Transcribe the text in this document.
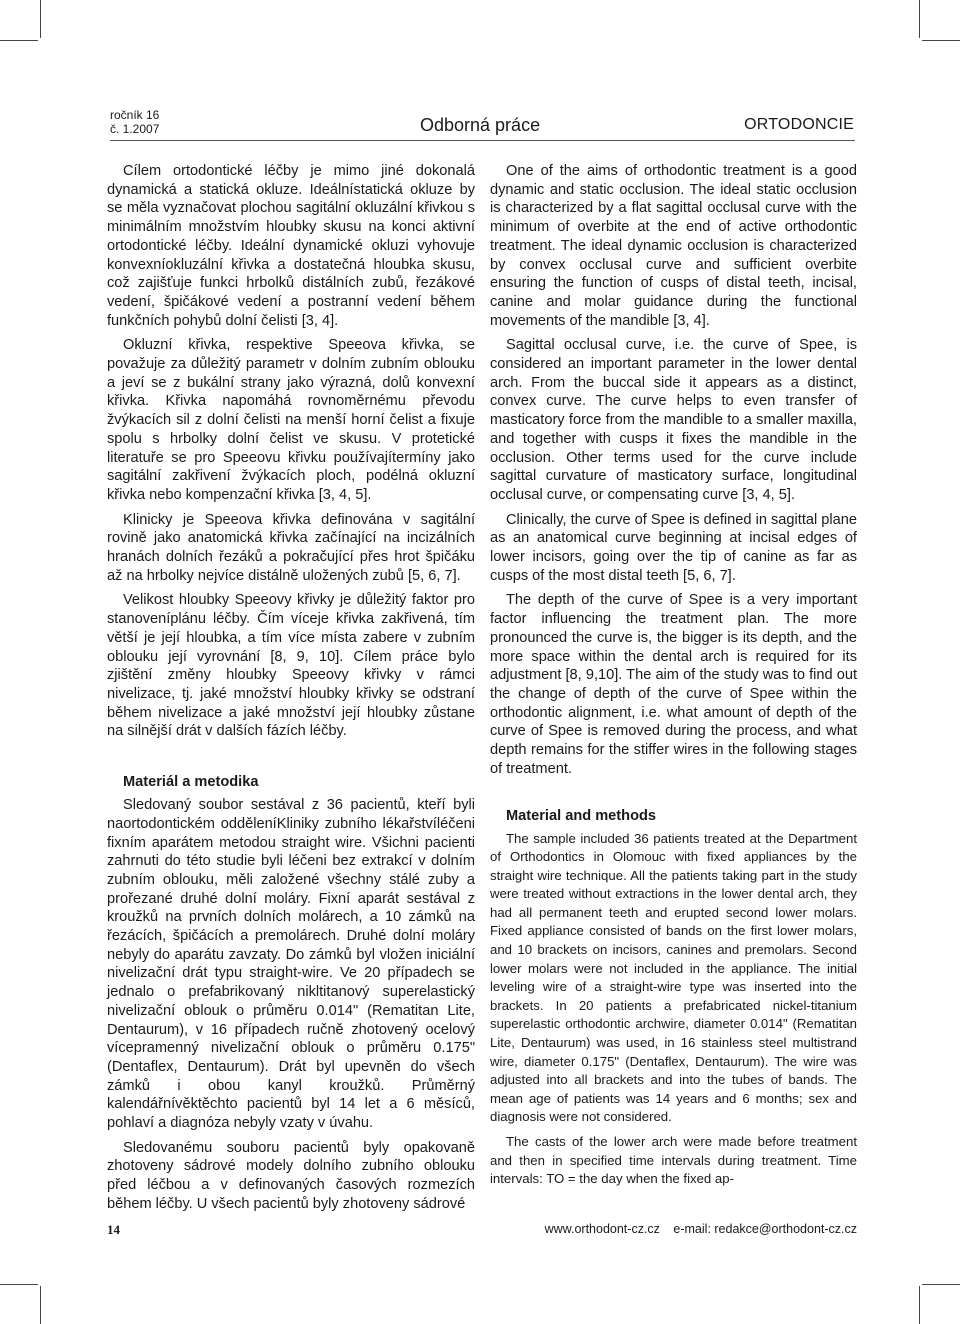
ročník 16
č. 1.2007	Odborná práce	ORTODONCIE

Cílem ortodontické léčby je mimo jiné dokonalá dynamická a statická okluze. Ideálnístatická okluze by se měla vyznačovat plochou sagitální okluzální křivkou s minimálním množstvím hloubky skusu na konci aktivní ortodontické léčby. Ideální dynamické okluzi vyhovuje konvexníokluzální křivka a dostatečná hloubka skusu, což zajišťuje funkci hrbolků distálních zubů, řezákové vedení, špičákové vedení a postranní vedení během funkčních pohybů dolní čelisti [3, 4].

Okluzní křivka, respektive Speeova křivka, se považuje za důležitý parametr v dolním zubním oblouku a jeví se z bukální strany jako výrazná, dolů konvexní křivka. Křivka napomáhá rovnoměrnému převodu žvýkacích sil z dolní čelisti na menší horní čelist a fixuje spolu s hrbolky dolní čelist ve skusu. V protetické literatuře se pro Speeovu křivku používajítermíny jako sagitální zakřivení žvýkacích ploch, podélná okluzní křivka nebo kompenzační křivka [3, 4, 5].

Klinicky je Speeova křivka definována v sagitální rovině jako anatomická křivka začínající na incizálních hranách dolních řezáků a pokračující přes hrot špičáku až na hrbolky nejvíce distálně uložených zubů [5, 6, 7].

Velikost hloubky Speeovy křivky je důležitý faktor pro stanoveníplánu léčby. Čím víceje křivka zakřivená, tím větší je její hloubka, a tím více místa zabere v zubním oblouku její vyrovnání [8, 9, 10]. Cílem práce bylo zjištění změny hloubky Speeovy křivky v rámci nivelizace, tj. jaké množství hloubky křivky se odstraní během nivelizace a jaké množství její hloubky zůstane na silnější drát v dalších fázích léčby.

Materiál a metodika

Sledovaný soubor sestával z 36 pacientů, kteří byli naortodontickém odděleníKliniky zubního lékařstvíléčeni fixním aparátem metodou straight wire. Všichni pacienti zahrnuti do této studie byli léčeni bez extrakcí v dolním zubním oblouku, měli založené všechny stálé zuby a prořezané druhé dolní moláry. Fixní aparát sestával z kroužků na prvních dolních molárech, a 10 zámků na řezácích, špičácích a premolárech. Druhé dolní moláry nebyly do aparátu zavzaty. Do zámků byl vložen iniciální nivelizační drát typu straight-wire. Ve 20 případech se jednalo o prefabrikovaný nikltitanový superelastický nivelizační oblouk o průměru 0.014" (Rematitan Lite, Dentaurum), v 16 případech ručně zhotovený ocelový vícepramenný nivelizační oblouk o průměru 0.175" (Dentaflex, Dentaurum). Drát byl upevněn do všech zámků i obou kanyl kroužků. Průměrný kalendářnívěktěchto pacientů byl 14 let a 6 měsíců, pohlaví a diagnóza nebyly vzaty v úvahu.

Sledovanému souboru pacientů byly opakovaně zhotoveny sádrové modely dolního zubního oblouku před léčbou a v definovaných časových rozmezích během léčby. U všech pacientů byly zhotoveny sádrové

One of the aims of orthodontic treatment is a good dynamic and static occlusion. The ideal static occlusion is characterized by a flat sagittal occlusal curve with the minimum of overbite at the end of active orthodontic treatment. The ideal dynamic occlusion is characterized by convex occlusal curve and sufficient overbite ensuring the function of cusps of distal teeth, incisal, canine and molar guidance during the functional movements of the mandible [3, 4].

Sagittal occlusal curve, i.e. the curve of Spee, is considered an important parameter in the lower dental arch. From the buccal side it appears as a distinct, convex curve. The curve helps to even transfer of masticatory force from the mandible to a smaller maxilla, and together with cusps it fixes the mandible in the occlusion. Other terms used for the curve include sagittal curvature of masticatory surface, longitudinal occlusal curve, or compensating curve [3, 4, 5].

Clinically, the curve of Spee is defined in sagittal plane as an anatomical curve beginning at incisal edges of lower incisors, going over the tip of canine as far as cusps of the most distal teeth [5, 6, 7].

The depth of the curve of Spee is a very important factor influencing the treatment plan. The more pronounced the curve is, the bigger is its depth, and the more space within the dental arch is required for its adjustment [8, 9,10]. The aim of the study was to find out the change of depth of the curve of Spee within the orthodontic alignment, i.e. what amount of depth of the curve of Spee is removed during the process, and what depth remains for the stiffer wires in the following stages of treatment.

Material and methods

The sample included 36 patients treated at the Department of Orthodontics in Olomouc with fixed appliances by the straight wire technique. All the patients taking part in the study were treated without extractions in the lower dental arch, they had all permanent teeth and erupted second lower molars. Fixed appliance consisted of bands on the first lower molars, and 10 brackets on incisors, canines and premolars. Second lower molars were not included in the appliance. The initial leveling wire of a straight-wire type was inserted into the brackets. In 20 patients a prefabricated nickel-titanium superelastic orthodontic archwire, diameter 0.014" (Rematitan Lite, Dentaurum) was used, in 16 stainless steel multistrand wire, diameter 0.175" (Dentaflex, Dentaurum). The wire was adjusted into all brackets and into the tubes of bands. The mean age of patients was 14 years and 6 months; sex and diagnosis were not considered.

The casts of the lower arch were made before treatment and then in specified time intervals during treatment. Time intervals: TO = the day when the fixed ap-

14	www.orthodont-cz.cz e-mail: redakce@orthodont-cz.cz
